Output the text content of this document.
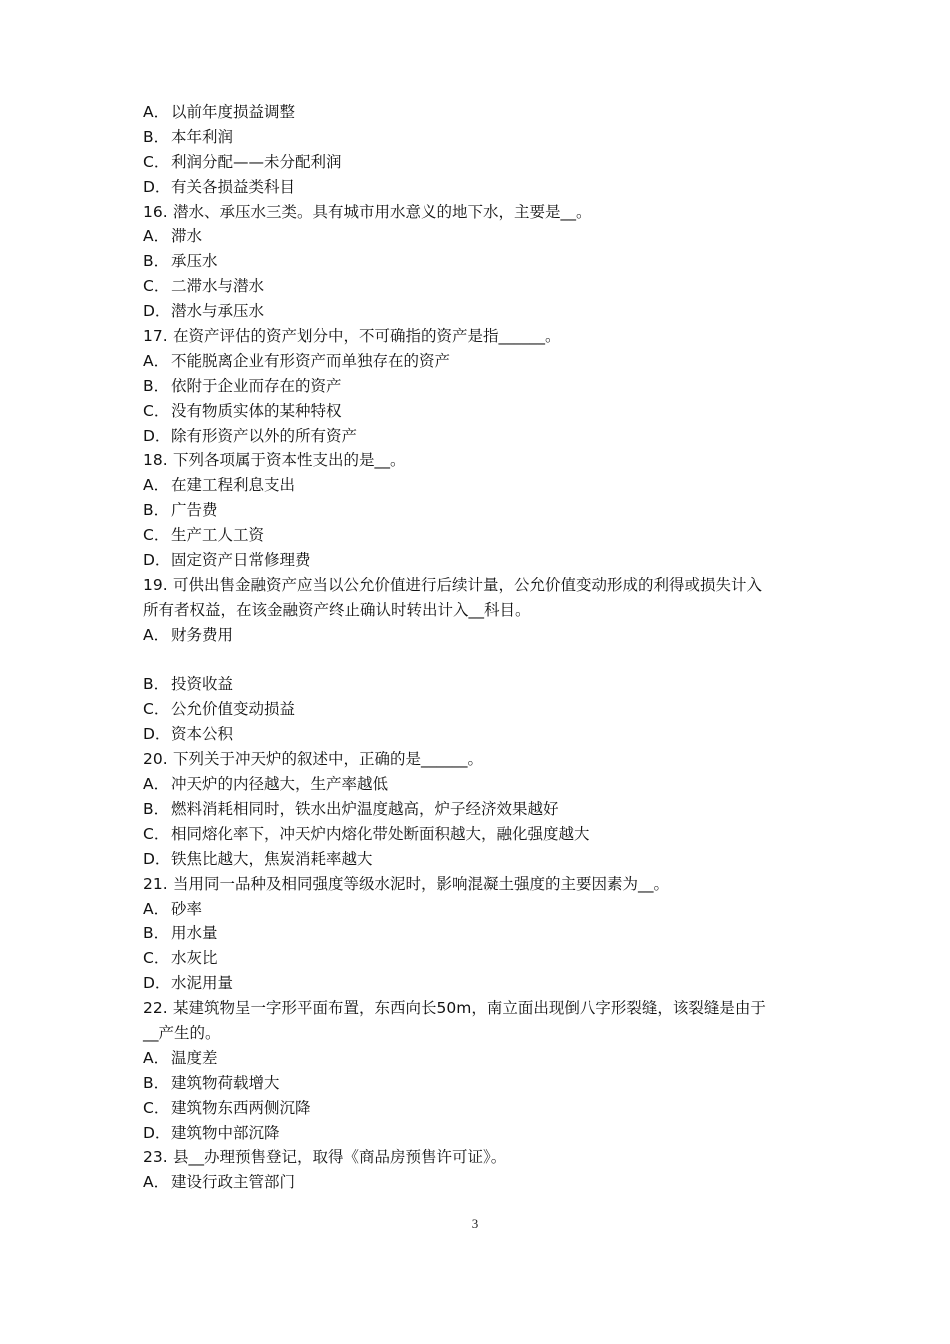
A． 以前年度损益调整
B． 本年利润
C． 利润分配——未分配利润
D．有关各损益类科目
16. 潜水、承压水三类。具有城市用水意义的地下水，主要是__。
A． 滞水
B． 承压水
C． 二滞水与潜水
D．潜水与承压水
17. 在资产评估的资产划分中，不可确指的资产是指______。
A． 不能脱离企业有形资产而单独存在的资产
B． 依附于企业而存在的资产
C． 没有物质实体的某种特权
D．除有形资产以外的所有资产
18. 下列各项属于资本性支出的是__。
A． 在建工程利息支出
B． 广告费
C． 生产工人工资
D．固定资产日常修理费
19. 可供出售金融资产应当以公允价值进行后续计量，公允价值变动形成的利得或损失计入
所有者权益，在该金融资产终止确认时转出计入__科目。
A． 财务费用
B． 投资收益
C． 公允价值变动损益
D．资本公积
20. 下列关于冲天炉的叙述中，正确的是______。
A． 冲天炉的内径越大，生产率越低
B． 燃料消耗相同时，铁水出炉温度越高，炉子经济效果越好
C． 相同熔化率下，冲天炉内熔化带处断面积越大，融化强度越大
D．铁焦比越大，焦炭消耗率越大
21. 当用同一品种及相同强度等级水泥时，影响混凝土强度的主要因素为__。
A． 砂率
B． 用水量
C． 水灰比
D．水泥用量
22. 某建筑物呈一字形平面布置，东西向长50m，南立面出现倒八字形裂缝，该裂缝是由于
__产生的。
A． 温度差
B． 建筑物荷载增大
C． 建筑物东西两侧沉降
D．建筑物中部沉降
23. 县__办理预售登记，取得《商品房预售许可证》。
A． 建设行政主管部门
3
